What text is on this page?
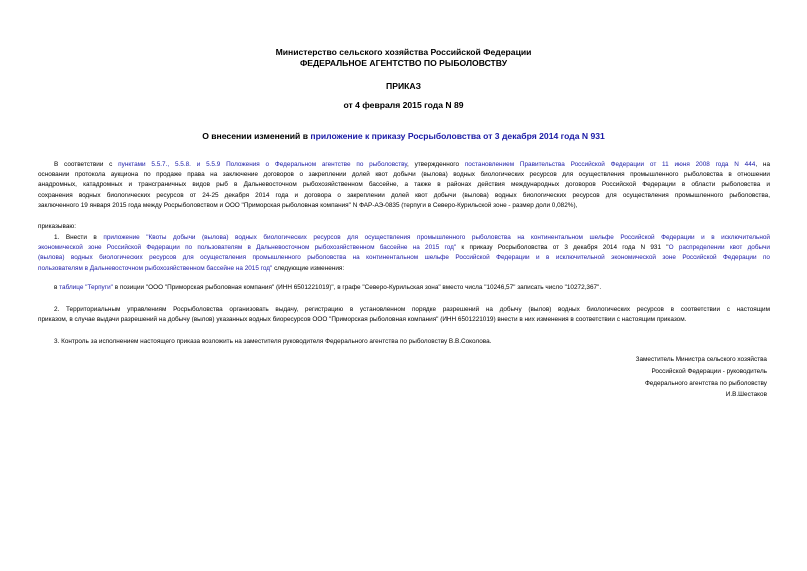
Министерство сельского хозяйства Российской Федерации
ФЕДЕРАЛЬНОЕ АГЕНТСТВО ПО РЫБОЛОВСТВУ
ПРИКАЗ
от 4 февраля 2015 года N 89
О внесении изменений в приложение к приказу Росрыболовства от 3 декабря 2014 года N 931
В соответствии с пунктами 5.5.7., 5.5.8. и 5.5.9 Положения о Федеральном агентстве по рыболовству, утвержденного постановлением Правительства Российской Федерации от 11 июня 2008 года N 444, на
основании протокола аукциона по продаже права на заключение договоров о закреплении долей квот добычи (вылова) водных биологических ресурсов для осуществления промышленного рыболовства в отношении
анадромных, катадромных и трансграничных видов рыб в Дальневосточном рыбохозяйственном бассейне, а также в районах действия международных договоров Российской Федерации в области рыболовства и
сохранения водных биологических ресурсов от 24-25 декабря 2014 года и договора о закреплении долей квот добычи (вылова) водных биологических ресурсов для осуществления промышленного рыболовства,
заключенного 19 января 2015 года между Росрыболовством и ООО "Приморская рыболовная компания" N ФАР-АЭ-0835 (терпуги в Северо-Курильской зоне - размер доли 0,082%),
приказываю:
1. Внести в приложение "Квоты добычи (вылова) водных биологических ресурсов для осуществления промышленного рыболовства на континентальном шельфе Российской Федерации и в исключительной
экономической зоне Российской Федерации по пользователям в Дальневосточном рыбохозяйственном бассейне на 2015 год" к приказу Росрыболовства от 3 декабря 2014 года N 931 "О распределении квот добычи
(вылова) водных биологических ресурсов для осуществления промышленного рыболовства на континентальном шельфе Российской Федерации и в исключительной экономической зоне Российской Федерации по
пользователям в Дальневосточном рыбохозяйственном бассейне на 2015 год" следующие изменения:
в таблице "Терпуги" в позиции "ООО "Приморская рыболовная компания" (ИНН 6501221019)", в графе "Северо-Курильская зона" вместо числа "10246,57" записать число "10272,367".
2. Территориальным управлениям Росрыболовства организовать выдачу, регистрацию в установленном порядке разрешений на добычу (вылов) водных биологических ресурсов в соответствии с настоящим
приказом, в случае выдачи разрешений на добычу (вылов) указанных водных биоресурсов ООО "Приморская рыболовная компания" (ИНН 6501221019) внести в них изменения в соответствии с настоящим приказом.
3. Контроль за исполнением настоящего приказа возложить на заместителя руководителя Федерального агентства по рыболовству В.В.Соколова.
Заместитель Министра сельского хозяйства
Российской Федерации - руководитель
Федерального агентства по рыболовству
И.В.Шестаков
